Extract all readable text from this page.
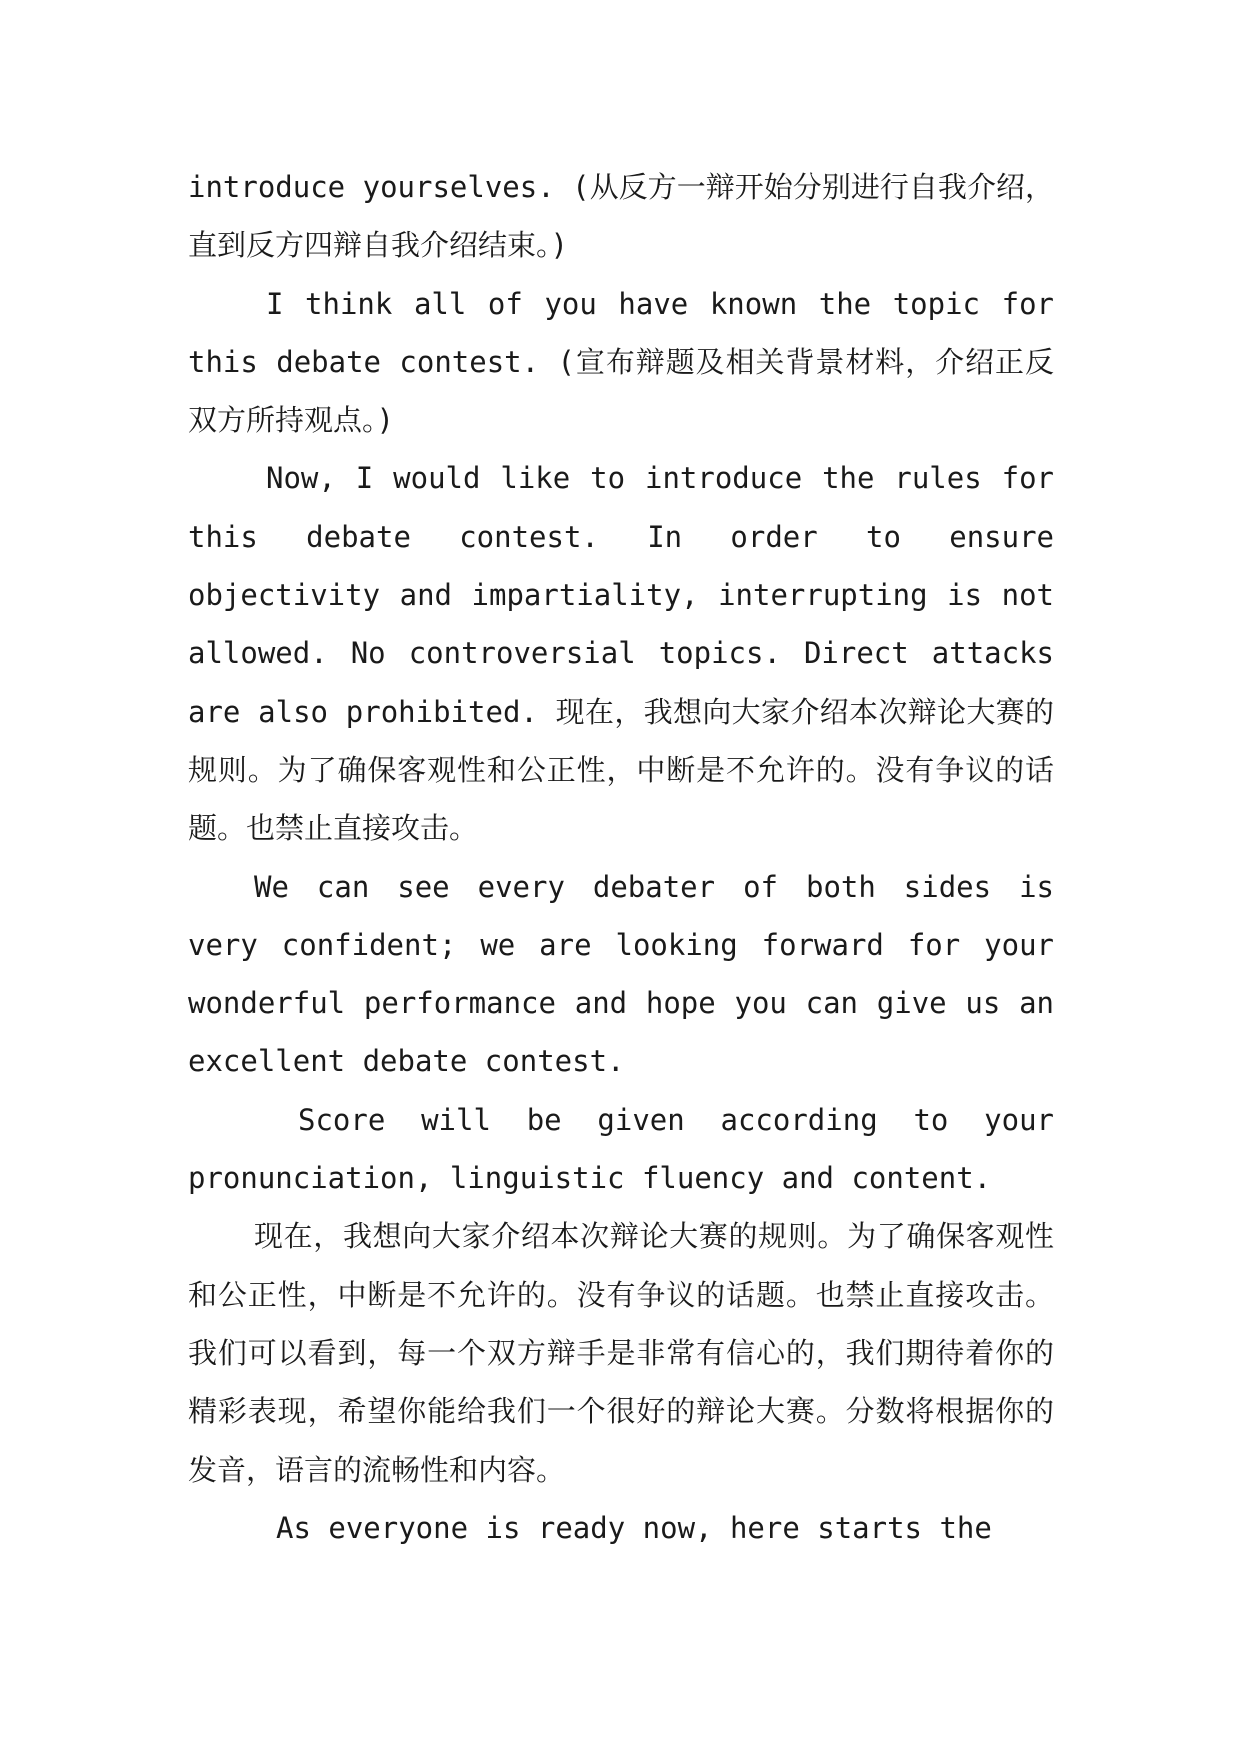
introduce yourselves. (从反方一辩开始分别进行自我介绍，直到反方四辩自我介绍结束。)

I think all of you have known the topic for this debate contest. (宣布辩题及相关背景材料，介绍正反双方所持观点。)

Now, I would like to introduce the rules for this debate contest. In order to ensure objectivity and impartiality, interrupting is not allowed. No controversial topics. Direct attacks are also prohibited. 现在，我想向大家介绍本次辩论大赛的规则。为了确保客观性和公正性，中断是不允许的。没有争议的话题。也禁止直接攻击。

We can see every debater of both sides is very confident; we are looking forward for your wonderful performance and hope you can give us an excellent debate contest.

Score will be given according to your pronunciation, linguistic fluency and content.

现在，我想向大家介绍本次辩论大赛的规则。为了确保客观性和公正性，中断是不允许的。没有争议的话题。也禁止直接攻击。我们可以看到，每一个双方辩手是非常有信心的，我们期待着你的精彩表现，希望你能给我们一个很好的辩论大赛。分数将根据你的发音，语言的流畅性和内容。

As everyone is ready now, here starts the
